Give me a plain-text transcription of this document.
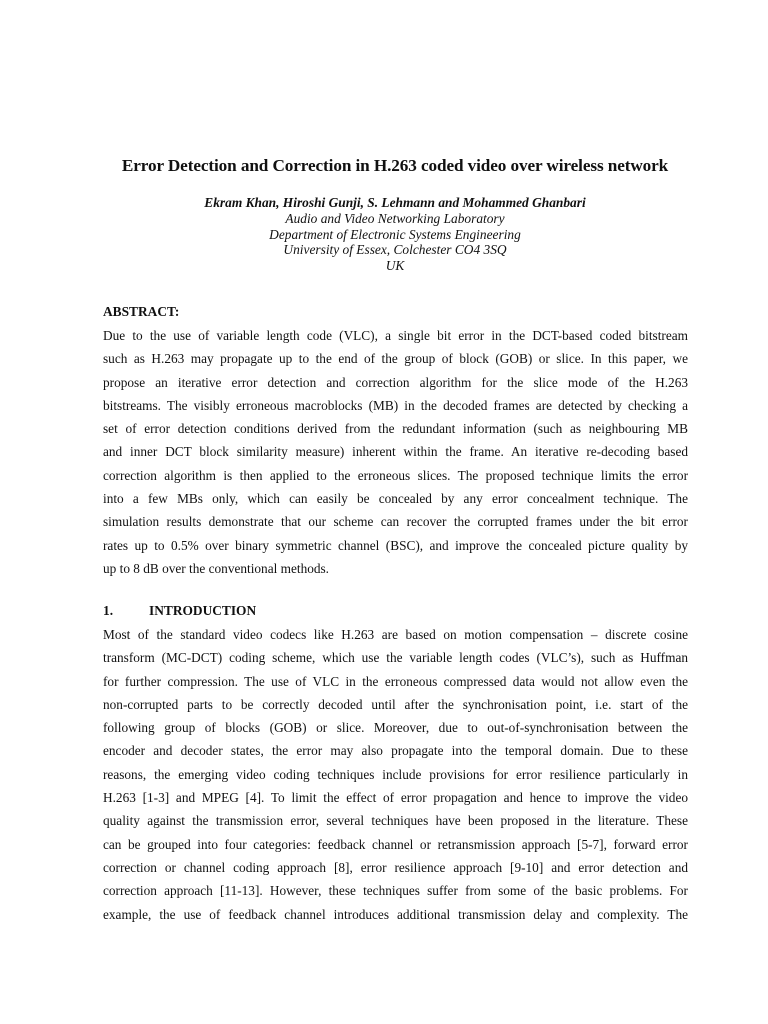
Error Detection and Correction in H.263 coded video over wireless network
Ekram Khan, Hiroshi Gunji, S. Lehmann and Mohammed Ghanbari
Audio and Video Networking Laboratory
Department of Electronic Systems Engineering
University of Essex, Colchester CO4 3SQ
UK
ABSTRACT:
Due to the use of variable length code (VLC), a single bit error in the DCT-based coded bitstream
such as H.263 may propagate up to the end of the group of block (GOB) or slice. In this paper, we
propose an iterative error detection and correction algorithm for the slice mode of the H.263
bitstreams. The visibly erroneous macroblocks (MB) in the decoded frames are detected by checking a
set of error detection conditions derived from the redundant information (such as neighbouring MB
and inner DCT block similarity measure) inherent within the frame. An iterative re-decoding based
correction algorithm is then applied to the erroneous slices. The proposed technique limits the error
into a few MBs only, which can easily be concealed by any error concealment technique. The
simulation results demonstrate that our scheme can recover the corrupted frames under the bit error
rates up to 0.5% over binary symmetric channel (BSC), and improve the concealed picture quality by
up to 8 dB over the conventional methods.
1.	INTRODUCTION
Most of the standard video codecs like H.263 are based on motion compensation – discrete cosine
transform (MC-DCT) coding scheme, which use the variable length codes (VLC’s), such as Huffman
for further compression. The use of VLC in the erroneous compressed data would not allow even the
non-corrupted parts to be correctly decoded until after the synchronisation point, i.e. start of the
following group of blocks (GOB) or slice. Moreover, due to out-of-synchronisation between the
encoder and decoder states, the error may also propagate into the temporal domain. Due to these
reasons, the emerging video coding techniques include provisions for error resilience particularly in
H.263 [1-3] and MPEG [4]. To limit the effect of error propagation and hence to improve the video
quality against the transmission error, several techniques have been proposed in the literature. These
can be grouped into four categories: feedback channel or retransmission approach [5-7], forward error
correction or channel coding approach [8], error resilience approach [9-10] and error detection and
correction approach [11-13]. However, these techniques suffer from some of the basic problems. For
example, the use of feedback channel introduces additional transmission delay and complexity. The
